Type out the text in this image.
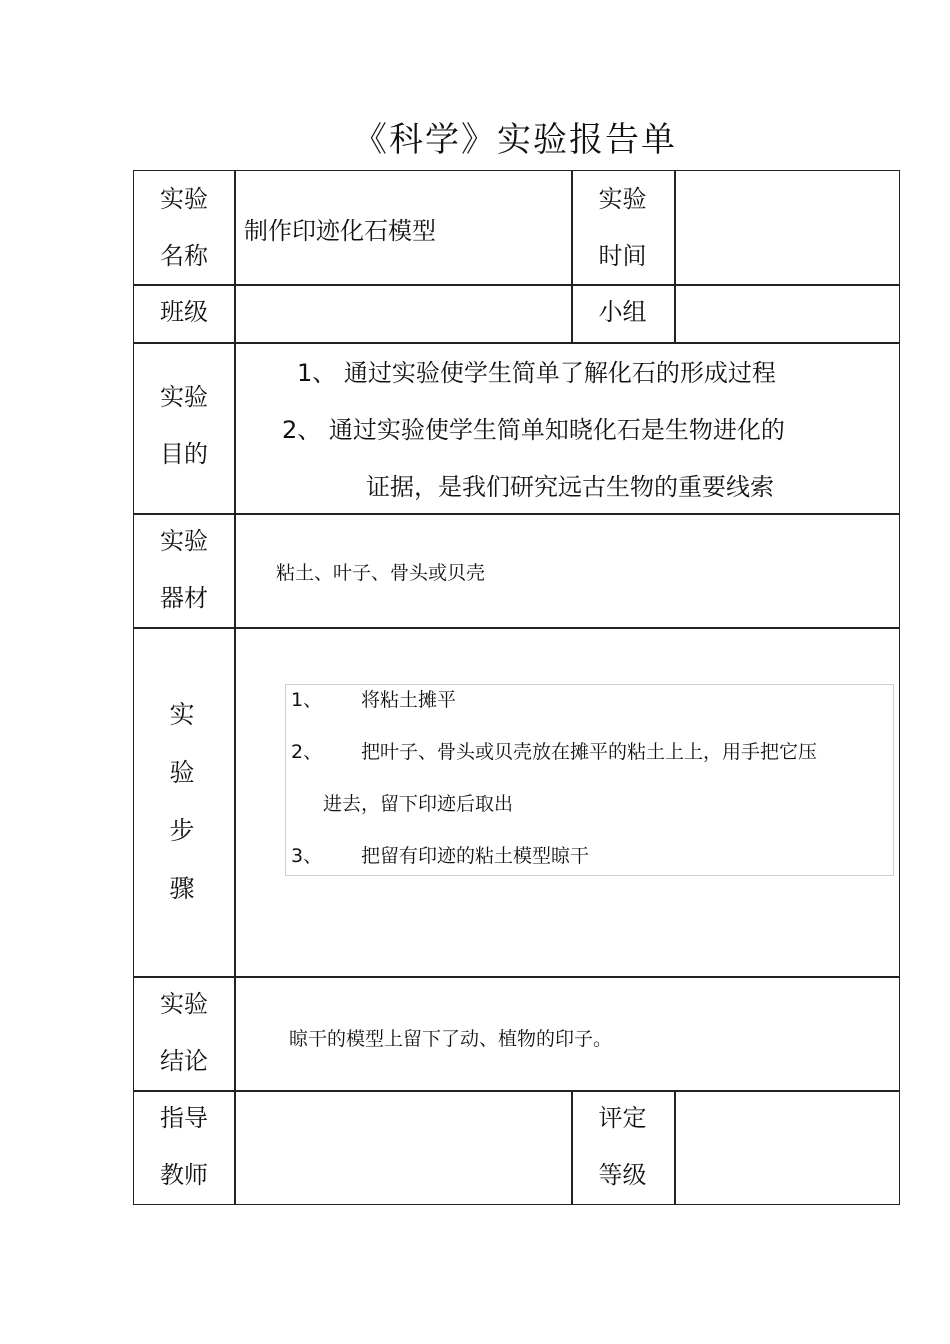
《科学》实验报告单
实验
名称
制作印迹化石模型
实验
时间
班级	小组
实验
目的
1、 通过实验使学生简单了解化石的形成过程
2、 通过实验使学生简单知晓化石是生物进化的
证据，是我们研究远古生物的重要线索
实验
器材
粘土、叶子、骨头或贝壳
实
验
步
骤
1、 将粘土摊平
2、 把叶子、骨头或贝壳放在摊平的粘土上上，用手把它压
进去，留下印迹后取出
3、 把留有印迹的粘土模型晾干
实验
结论
晾干的模型上留下了动、植物的印子。
指导
教师
评定
等级
